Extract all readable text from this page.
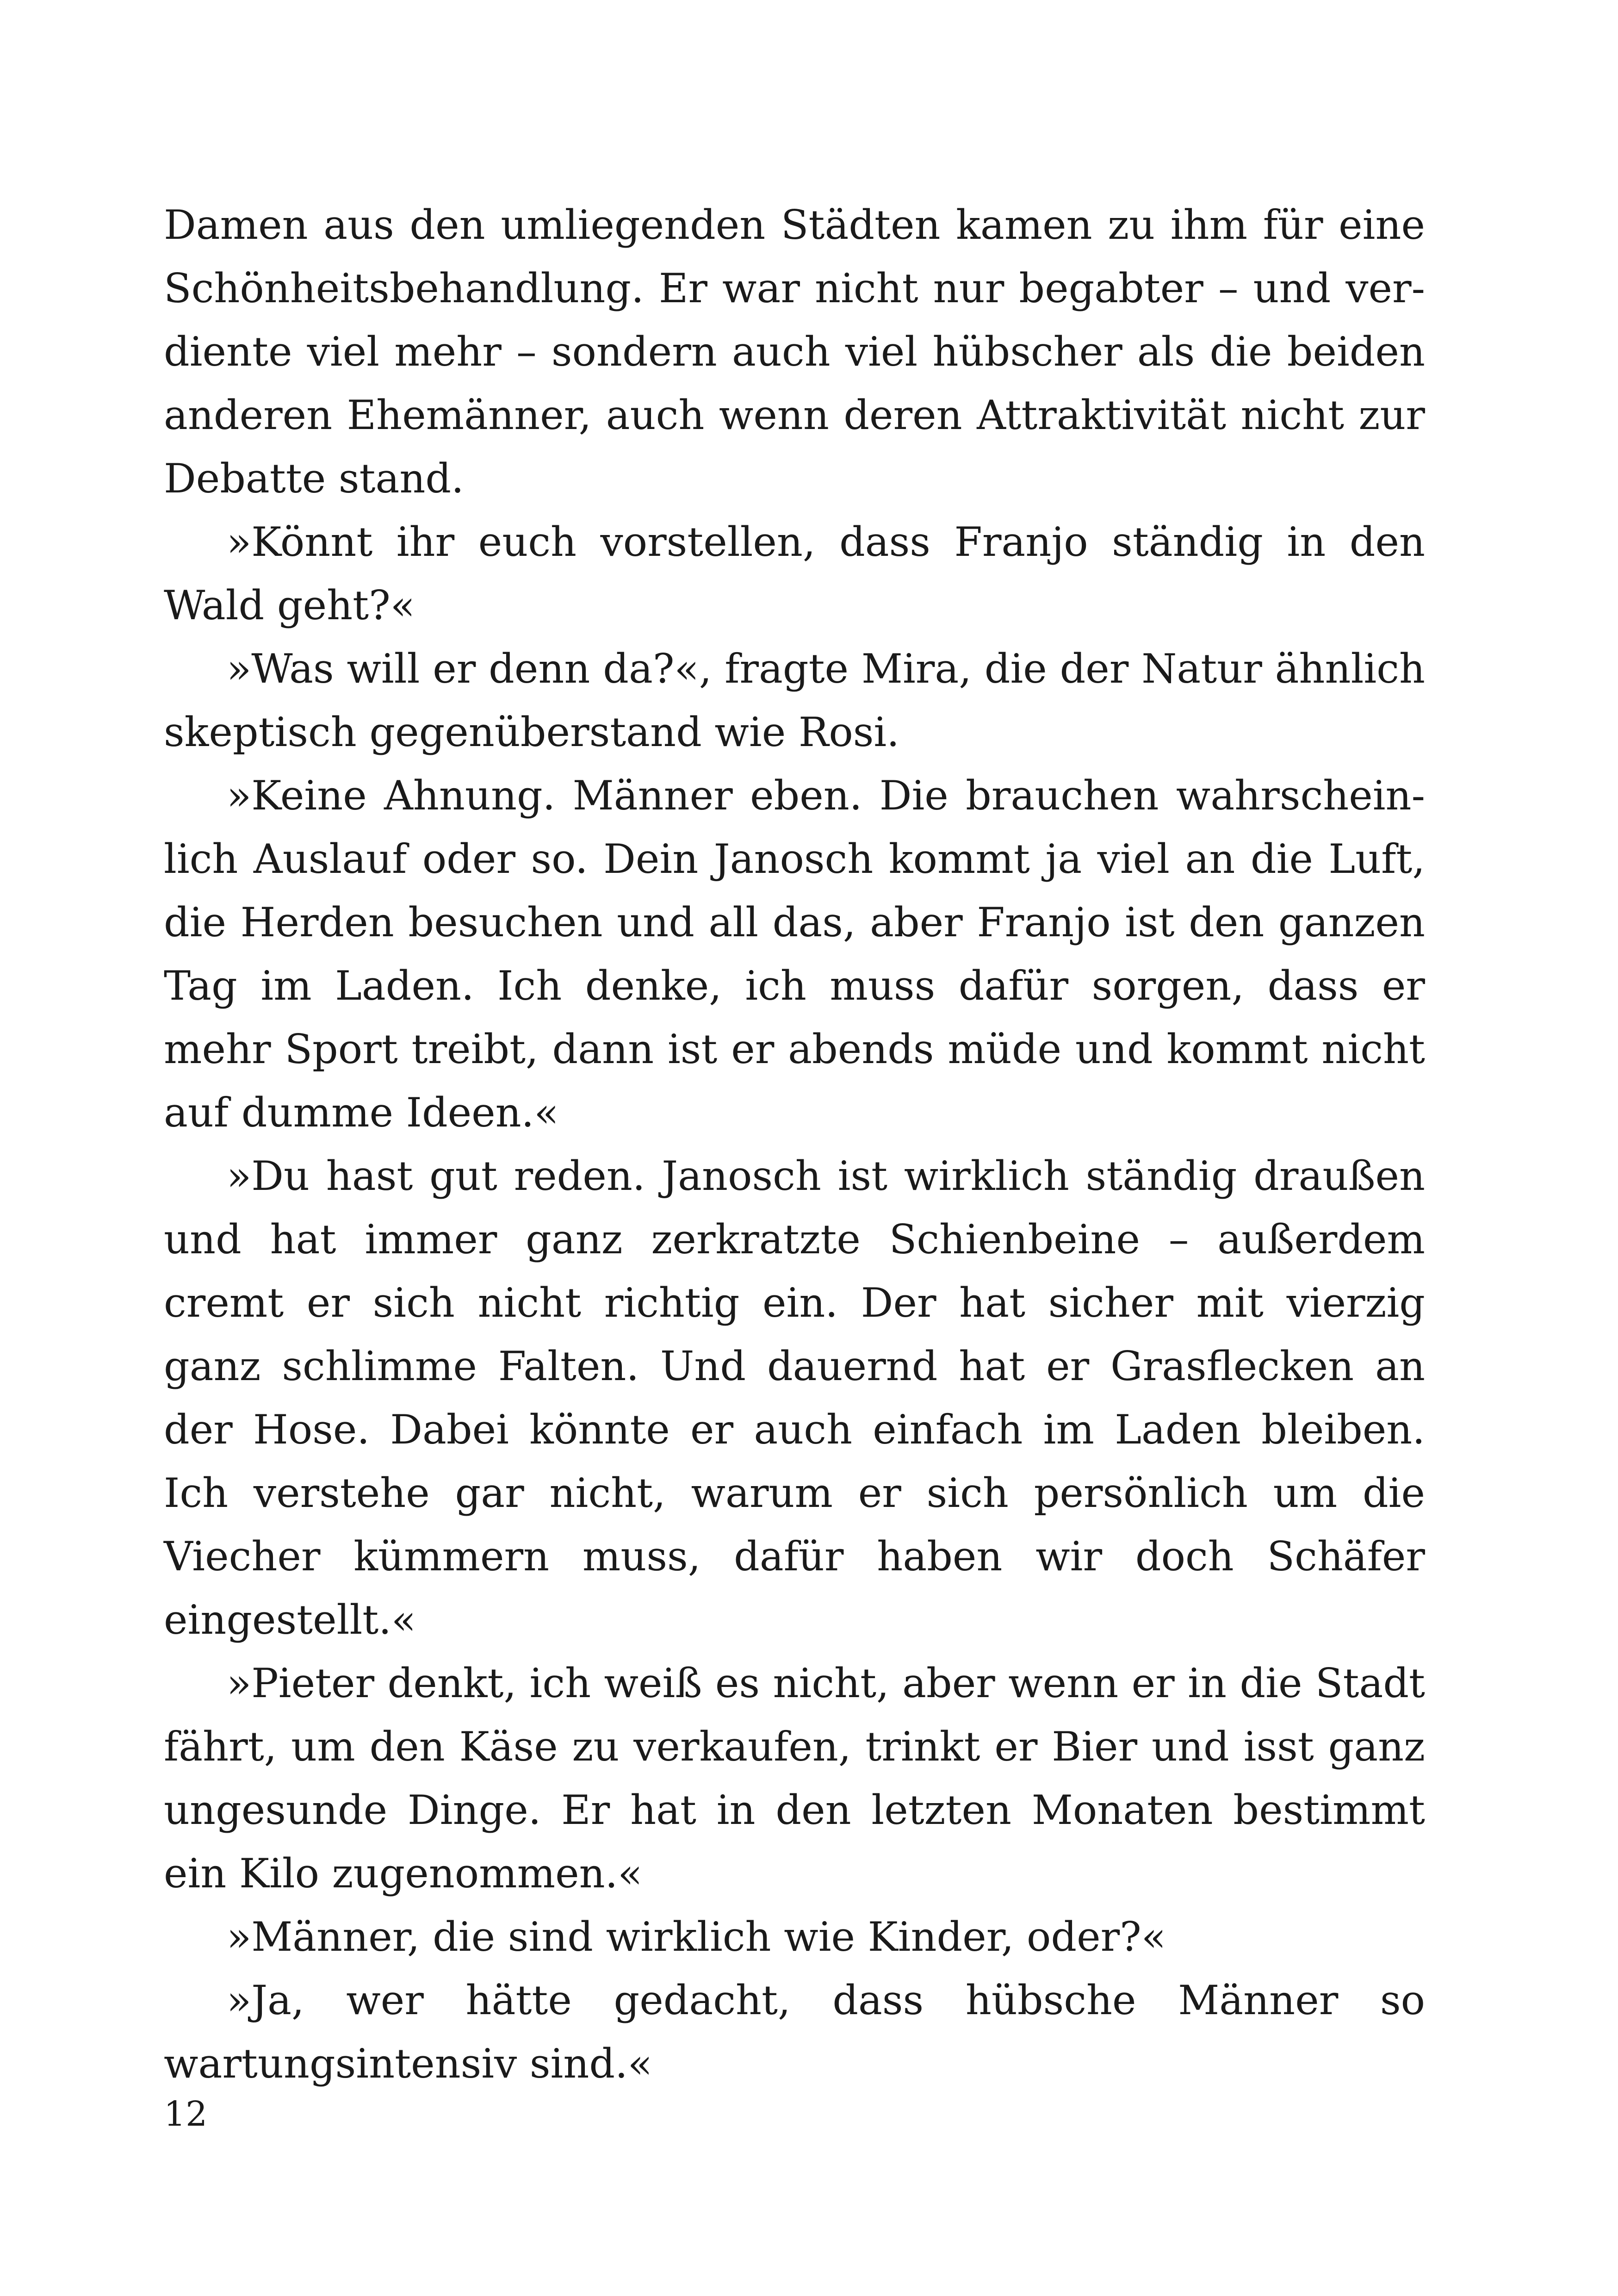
Damen aus den umliegenden Städten kamen zu ihm für eine Schönheitsbehandlung. Er war nicht nur begabter – und verdiente viel mehr – sondern auch viel hübscher als die beiden anderen Ehemänner, auch wenn deren Attraktivität nicht zur Debatte stand.

»Könnt ihr euch vorstellen, dass Franjo ständig in den Wald geht?«

»Was will er denn da?«, fragte Mira, die der Natur ähnlich skeptisch gegenüberstand wie Rosi.

»Keine Ahnung. Männer eben. Die brauchen wahrscheinlich Auslauf oder so. Dein Janosch kommt ja viel an die Luft, die Herden besuchen und all das, aber Franjo ist den ganzen Tag im Laden. Ich denke, ich muss dafür sorgen, dass er mehr Sport treibt, dann ist er abends müde und kommt nicht auf dumme Ideen.«

»Du hast gut reden. Janosch ist wirklich ständig draußen und hat immer ganz zerkratzte Schienbeine – außerdem cremt er sich nicht richtig ein. Der hat sicher mit vierzig ganz schlimme Falten. Und dauernd hat er Grasflecken an der Hose. Dabei könnte er auch einfach im Laden bleiben. Ich verstehe gar nicht, warum er sich persönlich um die Viecher kümmern muss, dafür haben wir doch Schäfer eingestellt.«

»Pieter denkt, ich weiß es nicht, aber wenn er in die Stadt fährt, um den Käse zu verkaufen, trinkt er Bier und isst ganz ungesunde Dinge. Er hat in den letzten Monaten bestimmt ein Kilo zugenommen.«

»Männer, die sind wirklich wie Kinder, oder?«

»Ja, wer hätte gedacht, dass hübsche Männer so wartungsintensiv sind.«

12
